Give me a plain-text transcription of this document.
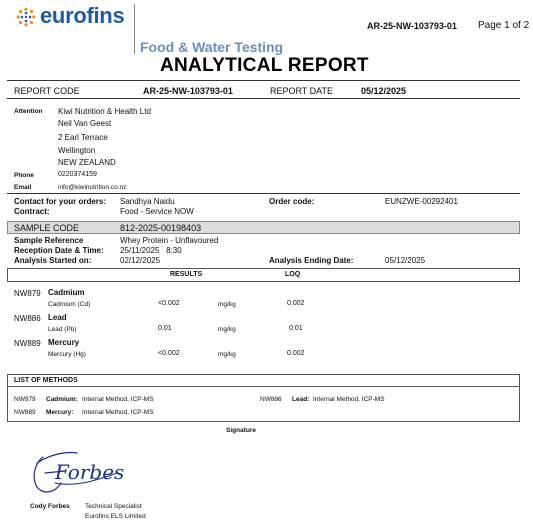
eurofins
Food & Water Testing
ANALYTICAL REPORT
AR-25-NW-103793-01 Page 1 of 2
REPORT CODE	AR-25-NW-103793-01	REPORT DATE	05/12/2025
Attention Kiwi Nutrition & Health Ltd
Neil Van Geest
2 Earl Terrace
Wellington
NEW ZEALAND
Phone	0220374159
Email	info@kiwinutrition.co.nz
Contact for your orders: Sandhya Naidu	Order code:	EUNZWE-00292401
Contract:	Food - Service NOW
SAMPLE CODE	812-2025-00198403
Sample Reference	Whey Protein - Unflavoured
Reception Date & Time: 25/11/2025   8:30
Analysis Started on:	02/12/2025	Analysis Ending Date:	05/12/2025
RESULTS	LOQ
NW879 Cadmium
Cadmium (Cd)	<0.002	mg/kg	0.002
NW886 Lead
Lead (Pb)	0.01	mg/kg	0.01
NW889 Mercury
Mercury (Hg)	<0.002	mg/kg	0.002
LIST OF METHODS
NW879 Cadmium: Internal Method, ICP-MS	NW886 Lead: Internal Method, ICP-MS
NW889 Mercury: Internal Method, ICP-MS
Signature
Forbes
Cody Forbes Technical Specialist
Eurofins ELS Limited
